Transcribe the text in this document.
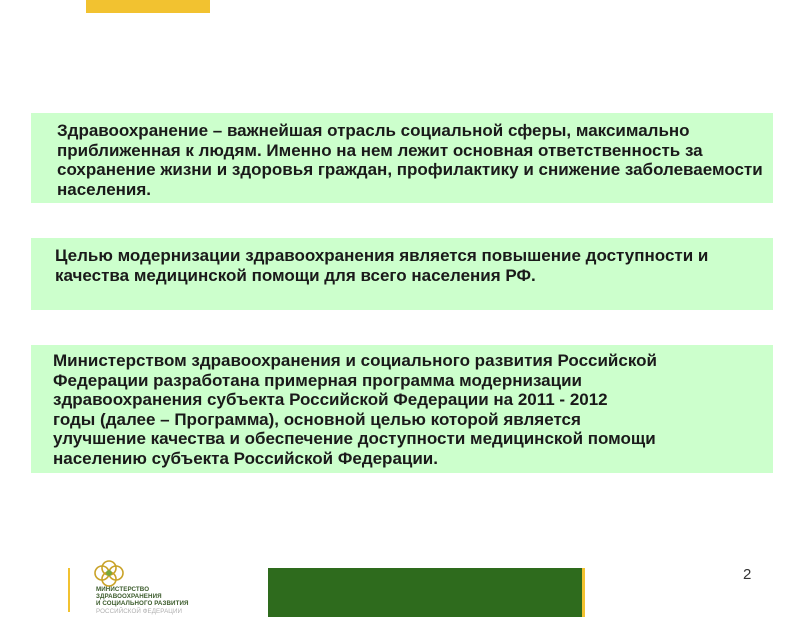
Здравоохранение – важнейшая отрасль социальной сферы, максимально приближенная к людям. Именно на нем лежит основная ответственность за сохранение жизни и здоровья граждан, профилактику и снижение заболеваемости населения.
Целью модернизации здравоохранения является повышение доступности и качества медицинской помощи для всего населения РФ.
Министерством здравоохранения и социального развития Российской
Федерации разработана примерная программа модернизации
здравоохранения субъекта Российской Федерации на 2011 - 2012
годы (далее – Программа), основной целью которой является
улучшение качества и обеспечение доступности медицинской помощи
населению субъекта Российской Федерации.
2
МИНИСТЕРСТВО
ЗДРАВООХРАНЕНИЯ
И СОЦИАЛЬНОГО РАЗВИТИЯ
РОССИЙСКОЙ ФЕДЕРАЦИИ
